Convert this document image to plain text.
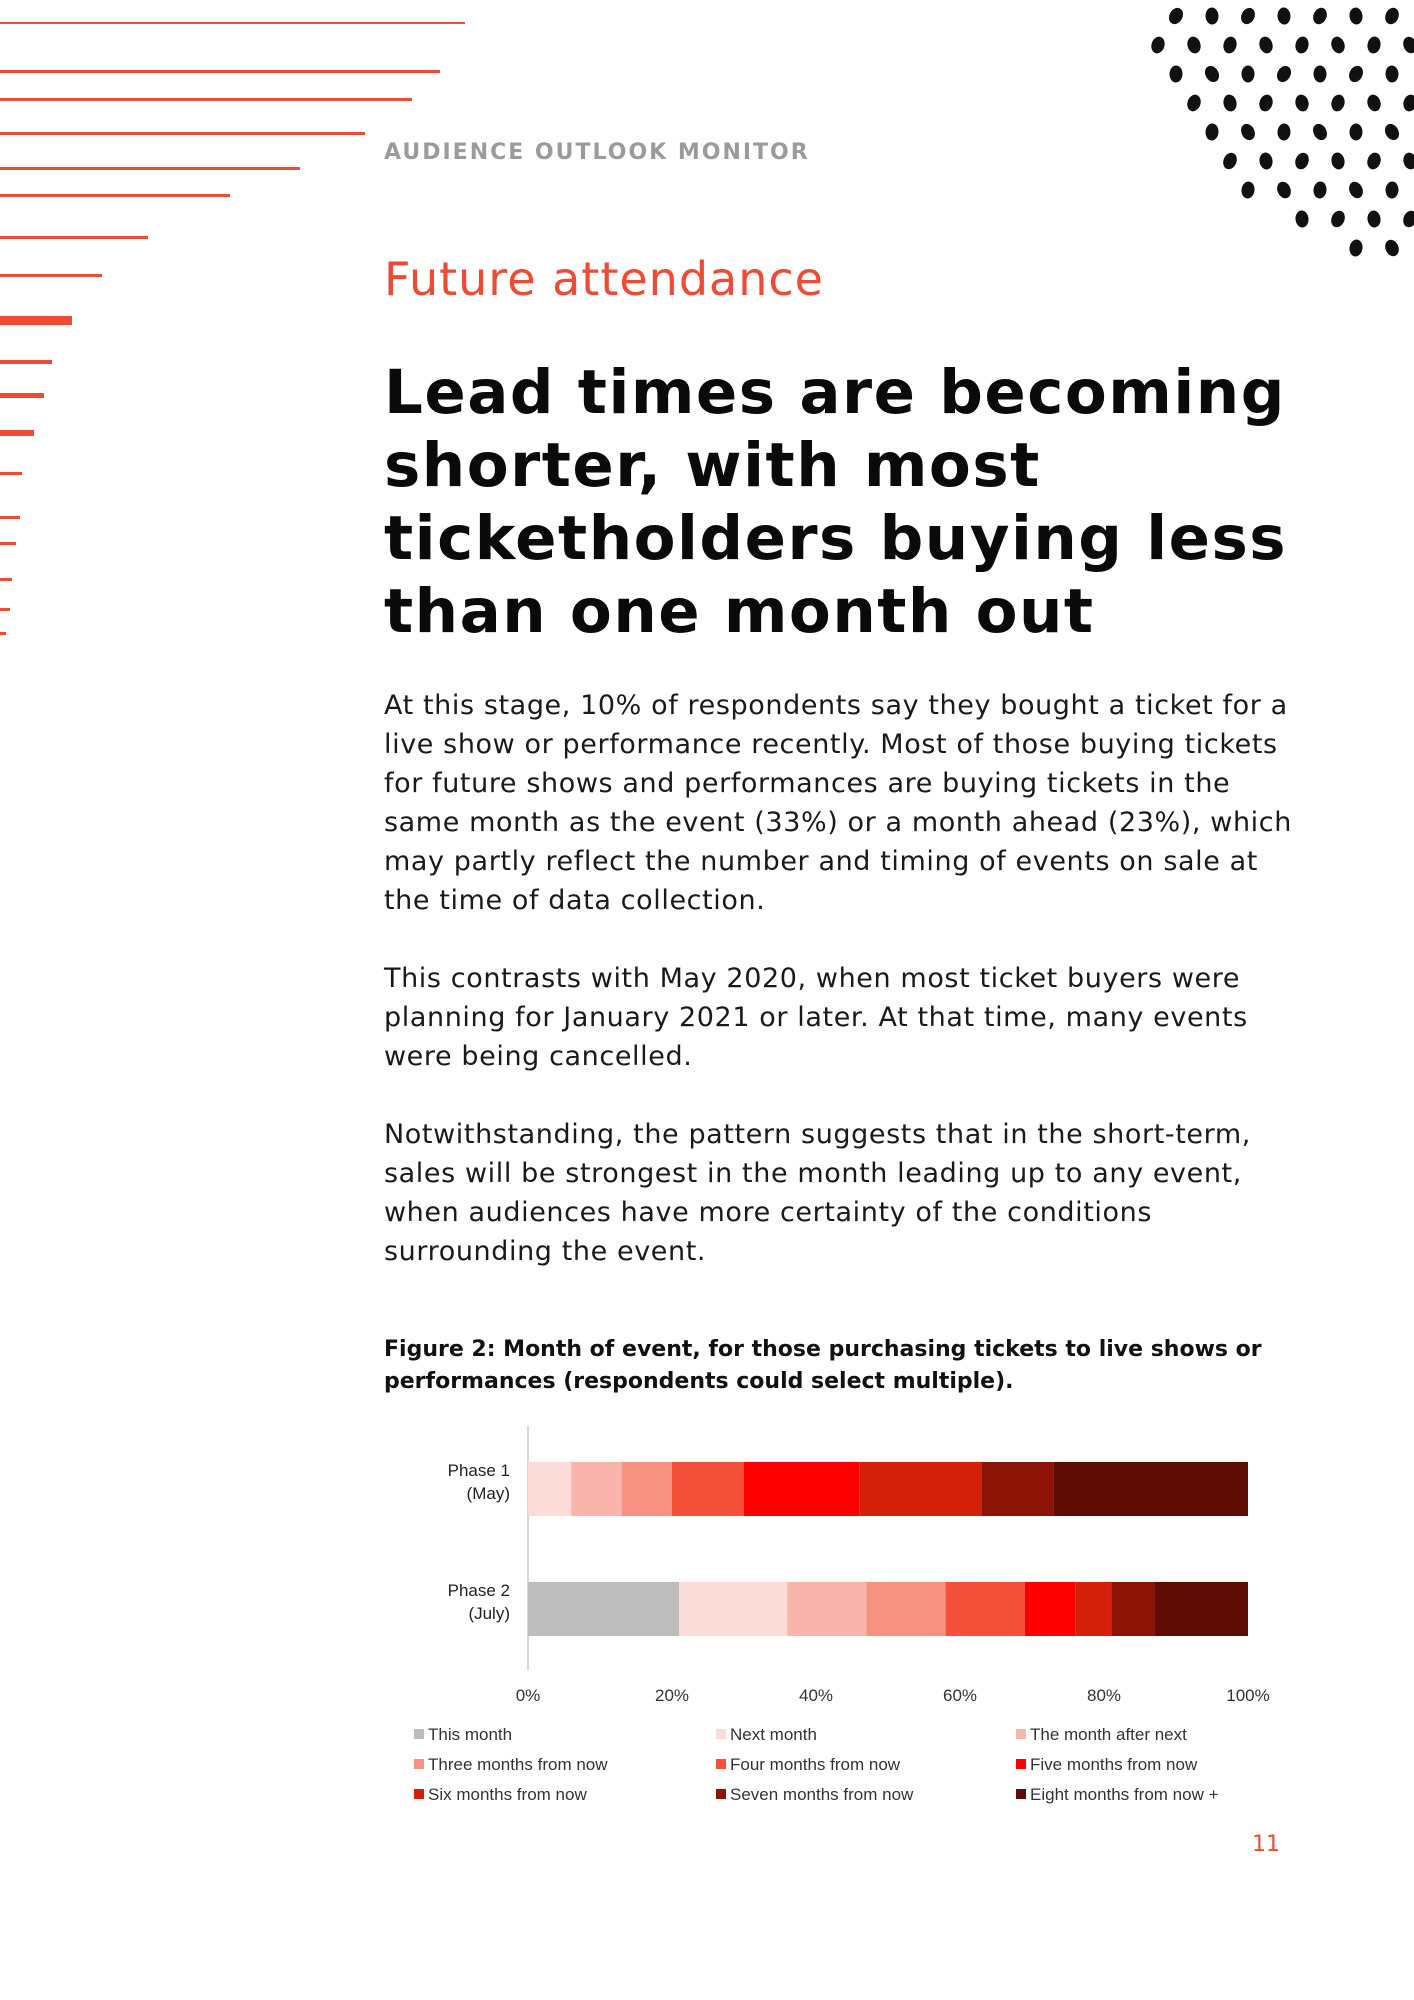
AUDIENCE OUTLOOK MONITOR
Future attendance
Lead times are becoming shorter, with most ticketholders buying less than one month out

At this stage, 10% of respondents say they bought a ticket for a live show or performance recently. Most of those buying tickets for future shows and performances are buying tickets in the same month as the event (33%) or a month ahead (23%), which may partly reflect the number and timing of events on sale at the time of data collection.

This contrasts with May 2020, when most ticket buyers were planning for January 2021 or later. At that time, many events were being cancelled.

Notwithstanding, the pattern suggests that in the short-term, sales will be strongest in the month leading up to any event, when audiences have more certainty of the conditions surrounding the event.

Figure 2: Month of event, for those purchasing tickets to live shows or performances (respondents could select multiple).

Phase 1
(May)
Phase 2
(July)
0%	20%	40%	60%	80%	100%
This month	Next month	The month after next
Three months from now	Four months from now	Five months from now
Six months from now	Seven months from now	Eight months from now +
11
